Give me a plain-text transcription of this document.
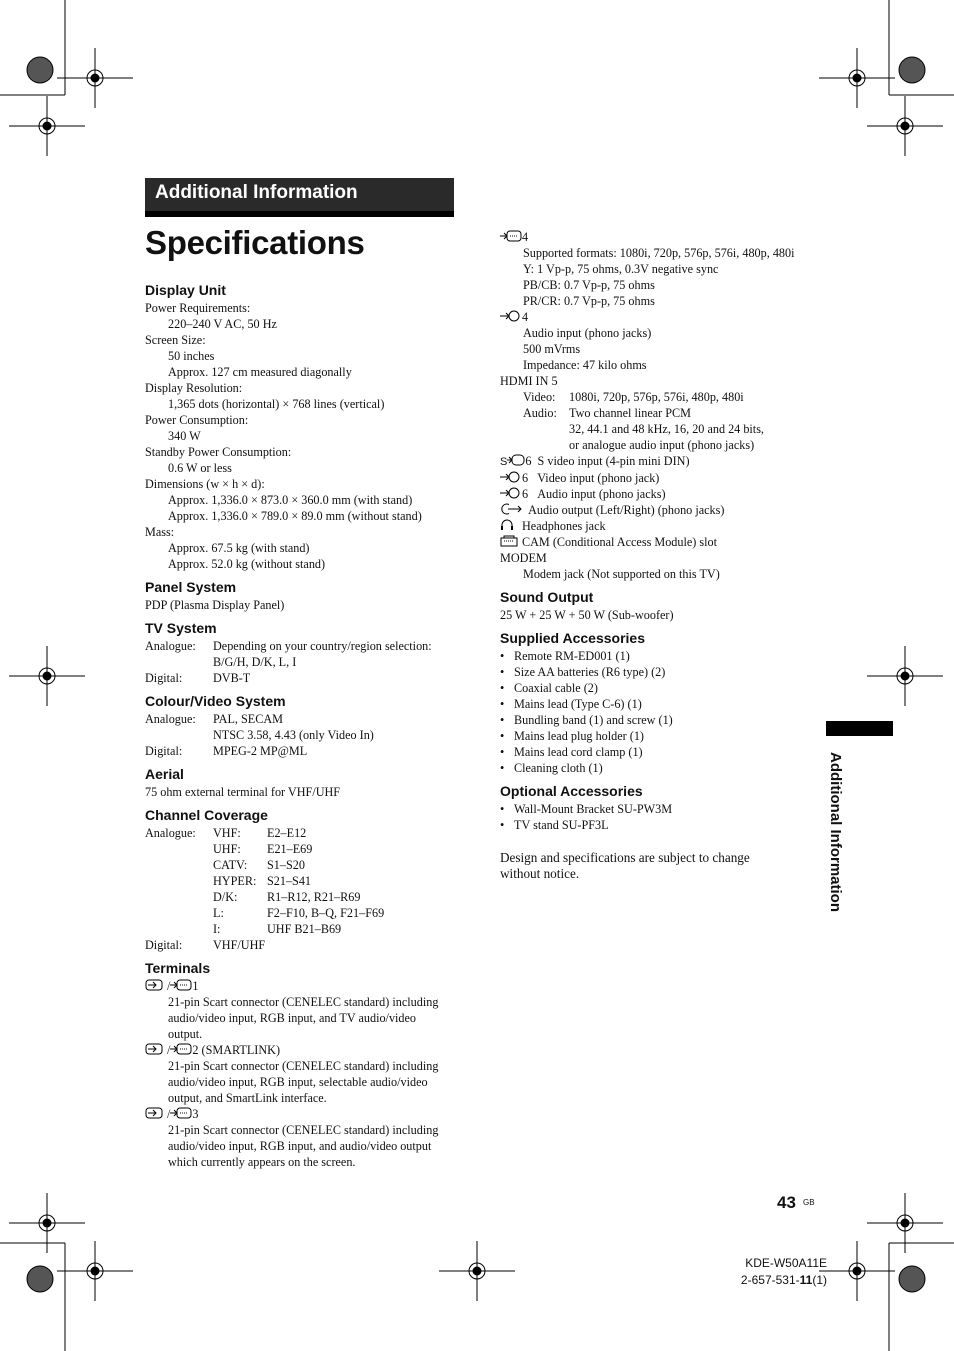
Additional Information
Specifications
Display Unit
Power Requirements:
220–240 V AC, 50 Hz
Screen Size:
50 inches
Approx. 127 cm measured diagonally
Display Resolution:
1,365 dots (horizontal) × 768 lines (vertical)
Power Consumption:
340 W
Standby Power Consumption:
0.6 W or less
Dimensions (w × h × d):
Approx. 1,336.0 × 873.0 × 360.0 mm (with stand)
Approx. 1,336.0 × 789.0 × 89.0 mm (without stand)
Mass:
Approx. 67.5 kg (with stand)
Approx. 52.0 kg (without stand)
Panel System
PDP (Plasma Display Panel)
TV System
Analogue:	Depending on your country/region selection:
B/G/H, D/K, L, I
Digital:	DVB-T
Colour/Video System
Analogue:	PAL, SECAM
NTSC 3.58, 4.43 (only Video In)
Digital:	MPEG-2 MP@ML
Aerial
75 ohm external terminal for VHF/UHF
Channel Coverage
Analogue:	VHF:	E2–E12
UHF:	E21–E69
CATV:	S1–S20
HYPER: S21–S41
D/K:	R1–R12, R21–R69
L:	F2–F10, B–Q, F21–F69
I:	UHF B21–B69
Digital:	VHF/UHF
Terminals
/ 1
21-pin Scart connector (CENELEC standard) including
audio/video input, RGB input, and TV audio/video
output.
/ 2 (SMARTLINK)
21-pin Scart connector (CENELEC standard) including
audio/video input, RGB input, selectable audio/video
output, and SmartLink interface.
/ 3
21-pin Scart connector (CENELEC standard) including
audio/video input, RGB input, and audio/video output
which currently appears on the screen.
4
Supported formats: 1080i, 720p, 576p, 576i, 480p, 480i
Y: 1 Vp-p, 75 ohms, 0.3V negative sync
PB/CB: 0.7 Vp-p, 75 ohms
PR/CR: 0.7 Vp-p, 75 ohms
4
Audio input (phono jacks)
500 mVrms
Impedance: 47 kilo ohms
HDMI IN 5
Video:	1080i, 720p, 576p, 576i, 480p, 480i
Audio: Two channel linear PCM
32, 44.1 and 48 kHz, 16, 20 and 24 bits,
or analogue audio input (phono jacks)
S 6 S video input (4-pin mini DIN)
6 Video input (phono jack)
6 Audio input (phono jacks)
Audio output (Left/Right) (phono jacks)
Headphones jack
CAM (Conditional Access Module) slot
MODEM
Modem jack (Not supported on this TV)
Sound Output
25 W + 25 W + 50 W (Sub-woofer)
Supplied Accessories
• Remote RM-ED001 (1)
• Size AA batteries (R6 type) (2)
• Coaxial cable (2)
• Mains lead (Type C-6) (1)
• Bundling band (1) and screw (1)
• Mains lead plug holder (1)
• Mains lead cord clamp (1)
• Cleaning cloth (1)
Optional Accessories
• Wall-Mount Bracket SU-PW3M
• TV stand SU-PF3L
Design and specifications are subject to change
without notice.	Additional Information
43 GB
KDE-W50A11E
2-657-531-11(1)
